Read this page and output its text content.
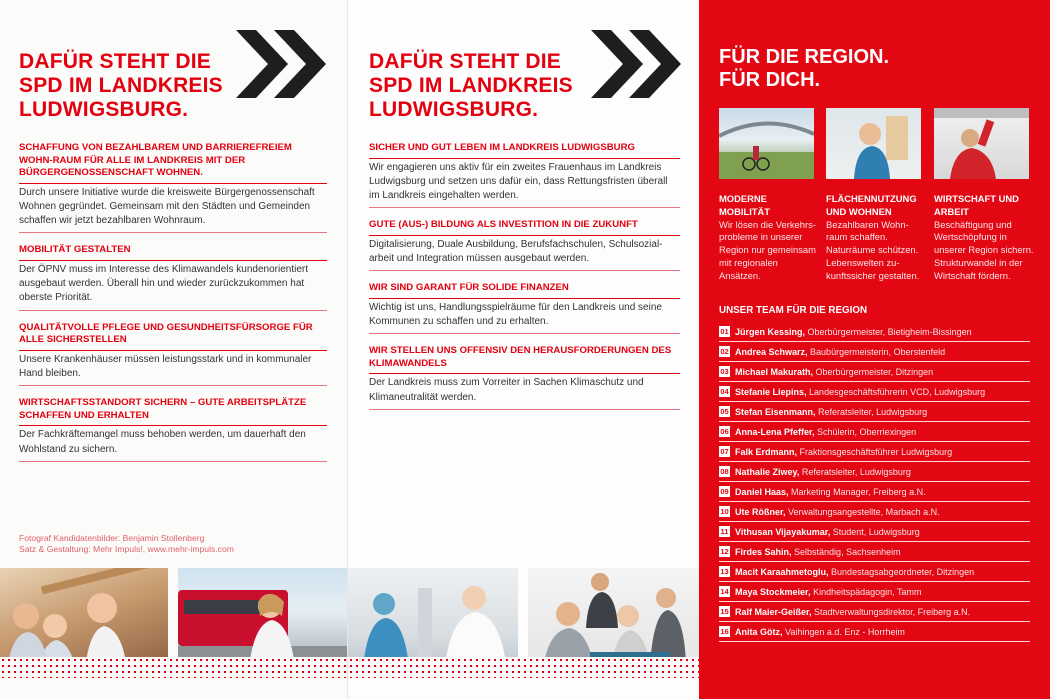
DAFÜR STEHT DIE
SPD IM LANDKREIS
LUDWIGSBURG.
SCHAFFUNG VON BEZAHLBAREM UND BARRIEREFREIEM WOHN-RAUM FÜR ALLE IM LANDKREIS MIT DER BÜRGERGENOSSENSCHAFT WOHNEN.
Durch unsere Initiative wurde die kreisweite Bürgergenossenschaft Wohnen gegründet. Gemeinsam mit den Städten und Gemeinden schaffen wir jetzt bezahlbaren Wohnraum.
MOBILITÄT GESTALTEN
Der ÖPNV muss im Interesse des Klimawandels kundenorientiert ausgebaut werden. Überall hin und wieder zurückzukommen hat oberste Priorität.
QUALITÄTVOLLE PFLEGE UND GESUNDHEITSFÜRSORGE FÜR ALLE SICHERSTELLEN
Unsere Krankenhäuser müssen leistungsstark und in kommunaler Hand bleiben.
WIRTSCHAFTSSTANDORT SICHERN – GUTE ARBEITSPLÄTZE SCHAFFEN UND ERHALTEN
Der Fachkräftemangel muss behoben werden, um dauerhaft den Wohlstand zu sichern.
Fotograf Kandidatenbilder: Benjamin Stollenberg
Satz & Gestaltung: Mehr Impuls!, www.mehr-impuls.com
DAFÜR STEHT DIE
SPD IM LANDKREIS
LUDWIGSBURG.
SICHER UND GUT LEBEN IM LANDKREIS LUDWIGSBURG
Wir engagieren uns aktiv für ein zweites Frauenhaus im Landkreis Ludwigsburg und setzen uns dafür ein, dass Rettungsfristen überall im Landkreis eingehalten werden.
GUTE (AUS-) BILDUNG ALS INVESTITION IN DIE ZUKUNFT
Digitalisierung, Duale Ausbildung, Berufsfachschulen, Schulsozial-arbeit und Integration müssen ausgebaut werden.
WIR SIND GARANT FÜR SOLIDE FINANZEN
Wichtig ist uns, Handlungsspielräume für den Landkreis und seine Kommunen zu schaffen und zu erhalten.
WIR STELLEN UNS OFFENSIV DEN HERAUSFORDERUNGEN DES KLIMAWANDELS
Der Landkreis muss zum Vorreiter in Sachen Klimaschutz und Klimaneutralität werden.
FÜR DIE REGION.
FÜR DICH.
MODERNE MOBILITÄT
Wir lösen die Verkehrs-probleme in unserer Region nur gemeinsam mit regionalen Ansätzen.
FLÄCHENNUTZUNG UND WOHNEN
Bezahlbaren Wohn-raum schaffen. Naturräume schützen. Lebenswelten zu-kunftssicher gestalten.
WIRTSCHAFT UND ARBEIT
Beschäftigung und Wertschöpfung in unserer Region sichern. Strukturwandel in der Wirtschaft fördern.
UNSER TEAM FÜR DIE REGION
01 Jürgen Kessing,
Oberbürgermeister, Bietigheim-Bissingen
02 Andrea Schwarz,
Baubürgermeisterin, Oberstenfeld
03 Michael Makurath,
Oberbürgermeister, Ditzingen
04 Stefanie Liepins,
Landesgeschäftsführerin VCD, Ludwigsburg
05 Stefan Eisenmann,
Referatsleiter, Ludwigsburg
06 Anna-Lena Pfeffer,
Schülerin, Oberriexingen
07 Falk Erdmann,
Fraktionsgeschäftsführer Ludwigsburg
08 Nathalie Ziwey,
Referatsleiter, Ludwigsburg
09 Daniel Haas,
Marketing Manager, Freiberg a.N.
10 Ute Rößner,
Verwaltungsangestellte, Marbach a.N.
11 Vithusan Vijayakumar,
Student, Ludwigsburg
12 Firdes Sahin,
Selbständig, Sachsenheim
13 Macit Karaahmetoglu,
Bundestagsabgeordneter, Ditzingen
14 Maya Stockmeier,
Kindheitspädagogin, Tamm
15 Ralf Maier-Geißer,
Stadtverwaltungsdirektor, Freiberg a.N.
16 Anita Götz,
Vaihingen a.d. Enz - Horrheim
